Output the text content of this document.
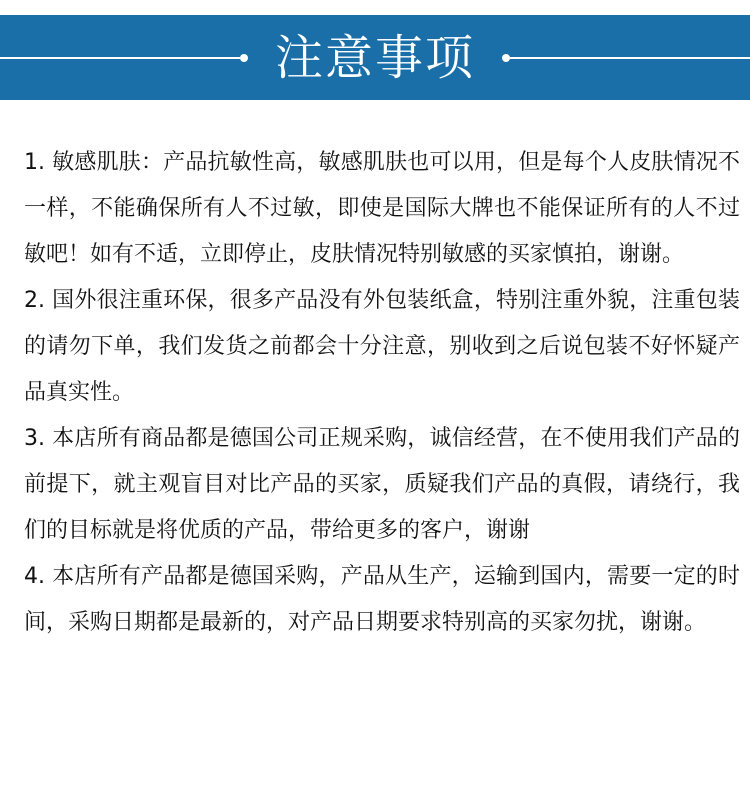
注意事项

1. 敏感肌肤：产品抗敏性高，敏感肌肤也可以用，但是每个人皮肤情况不一样，不能确保所有人不过敏，即使是国际大牌也不能保证所有的人不过敏吧！如有不适，立即停止，皮肤情况特别敏感的买家慎拍，谢谢。

2. 国外很注重环保，很多产品没有外包装纸盒，特别注重外貌，注重包装的请勿下单，我们发货之前都会十分注意，别收到之后说包装不好怀疑产品真实性。

3. 本店所有商品都是德国公司正规采购，诚信经营，在不使用我们产品的前提下，就主观盲目对比产品的买家，质疑我们产品的真假，请绕行，我们的目标就是将优质的产品，带给更多的客户，谢谢

4. 本店所有产品都是德国采购，产品从生产，运输到国内，需要一定的时间，采购日期都是最新的，对产品日期要求特别高的买家勿扰，谢谢。
